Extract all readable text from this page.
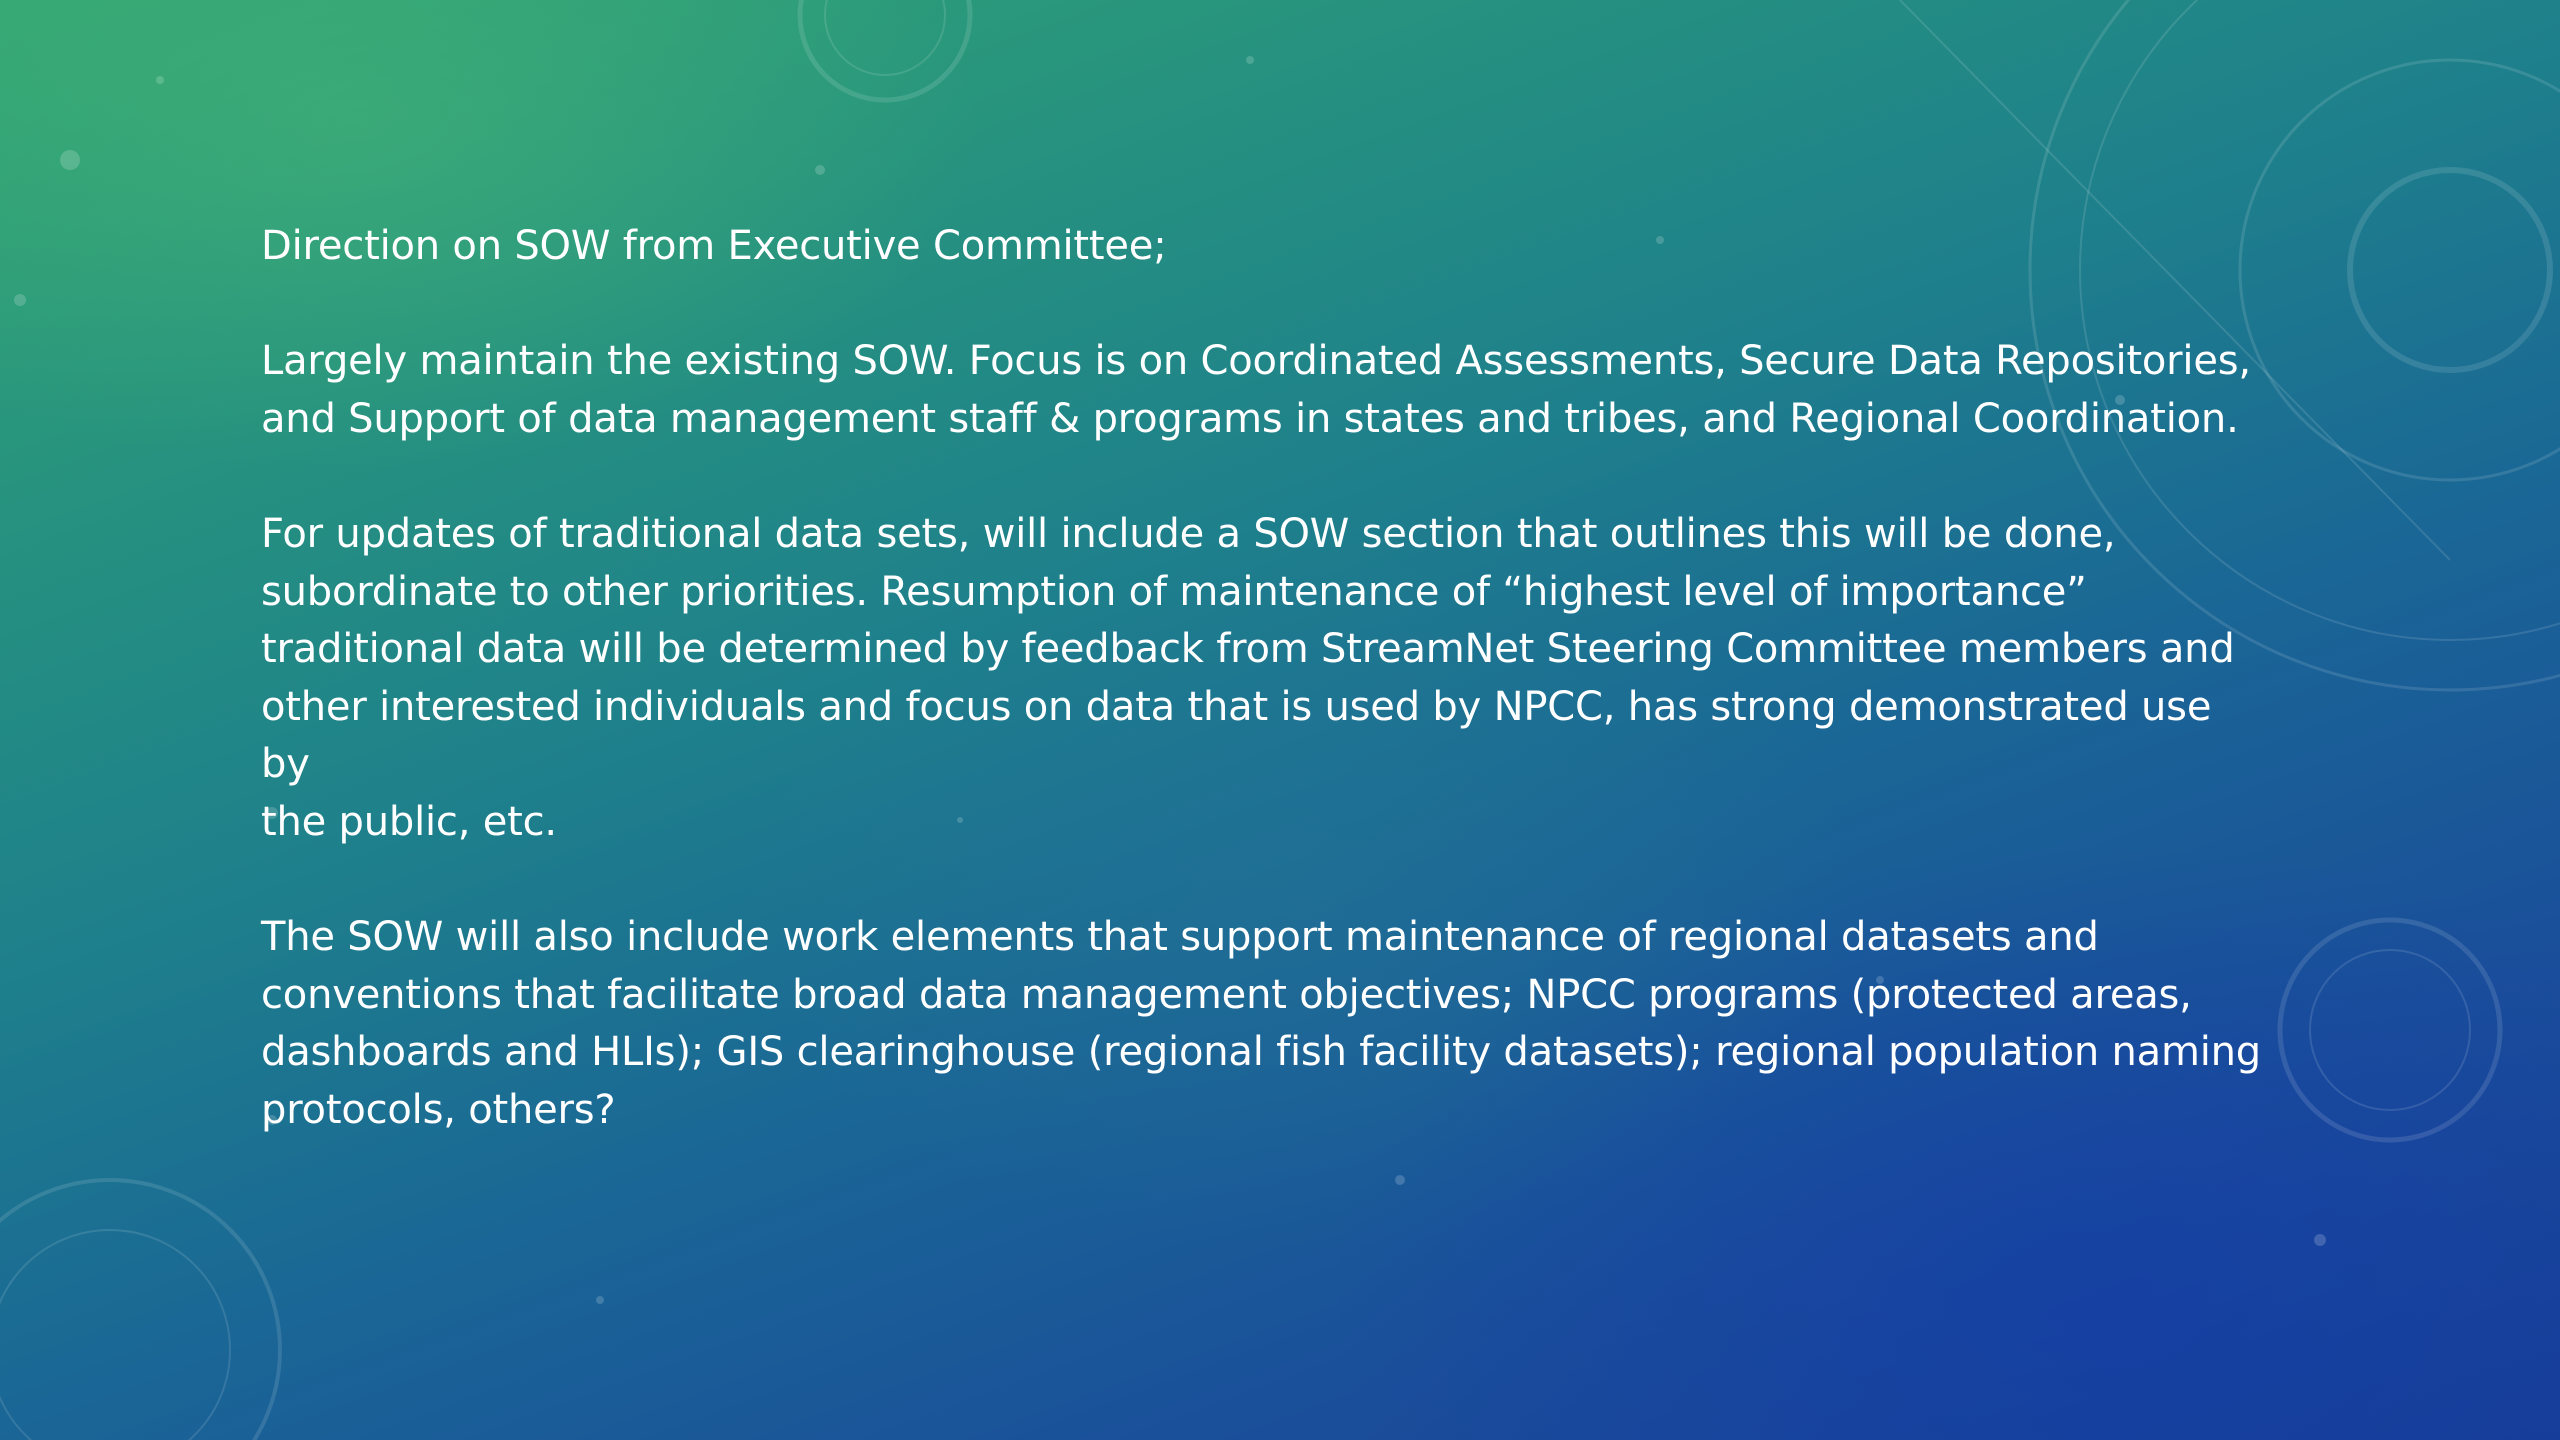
Direction on SOW from Executive Committee;

Largely maintain the existing SOW. Focus is on Coordinated Assessments, Secure Data Repositories,
and Support of data management staff & programs in states and tribes, and Regional Coordination.

For updates of traditional data sets, will include a SOW section that outlines this will be done,
subordinate to other priorities. Resumption of maintenance of “highest level of importance”
traditional data will be determined by feedback from StreamNet Steering Committee members and
other interested individuals and focus on data that is used by NPCC, has strong demonstrated use by
the public, etc.

The SOW will also include work elements that support maintenance of regional datasets and
conventions that facilitate broad data management objectives; NPCC programs (protected areas,
dashboards and HLIs); GIS clearinghouse (regional fish facility datasets); regional population naming
protocols, others?
